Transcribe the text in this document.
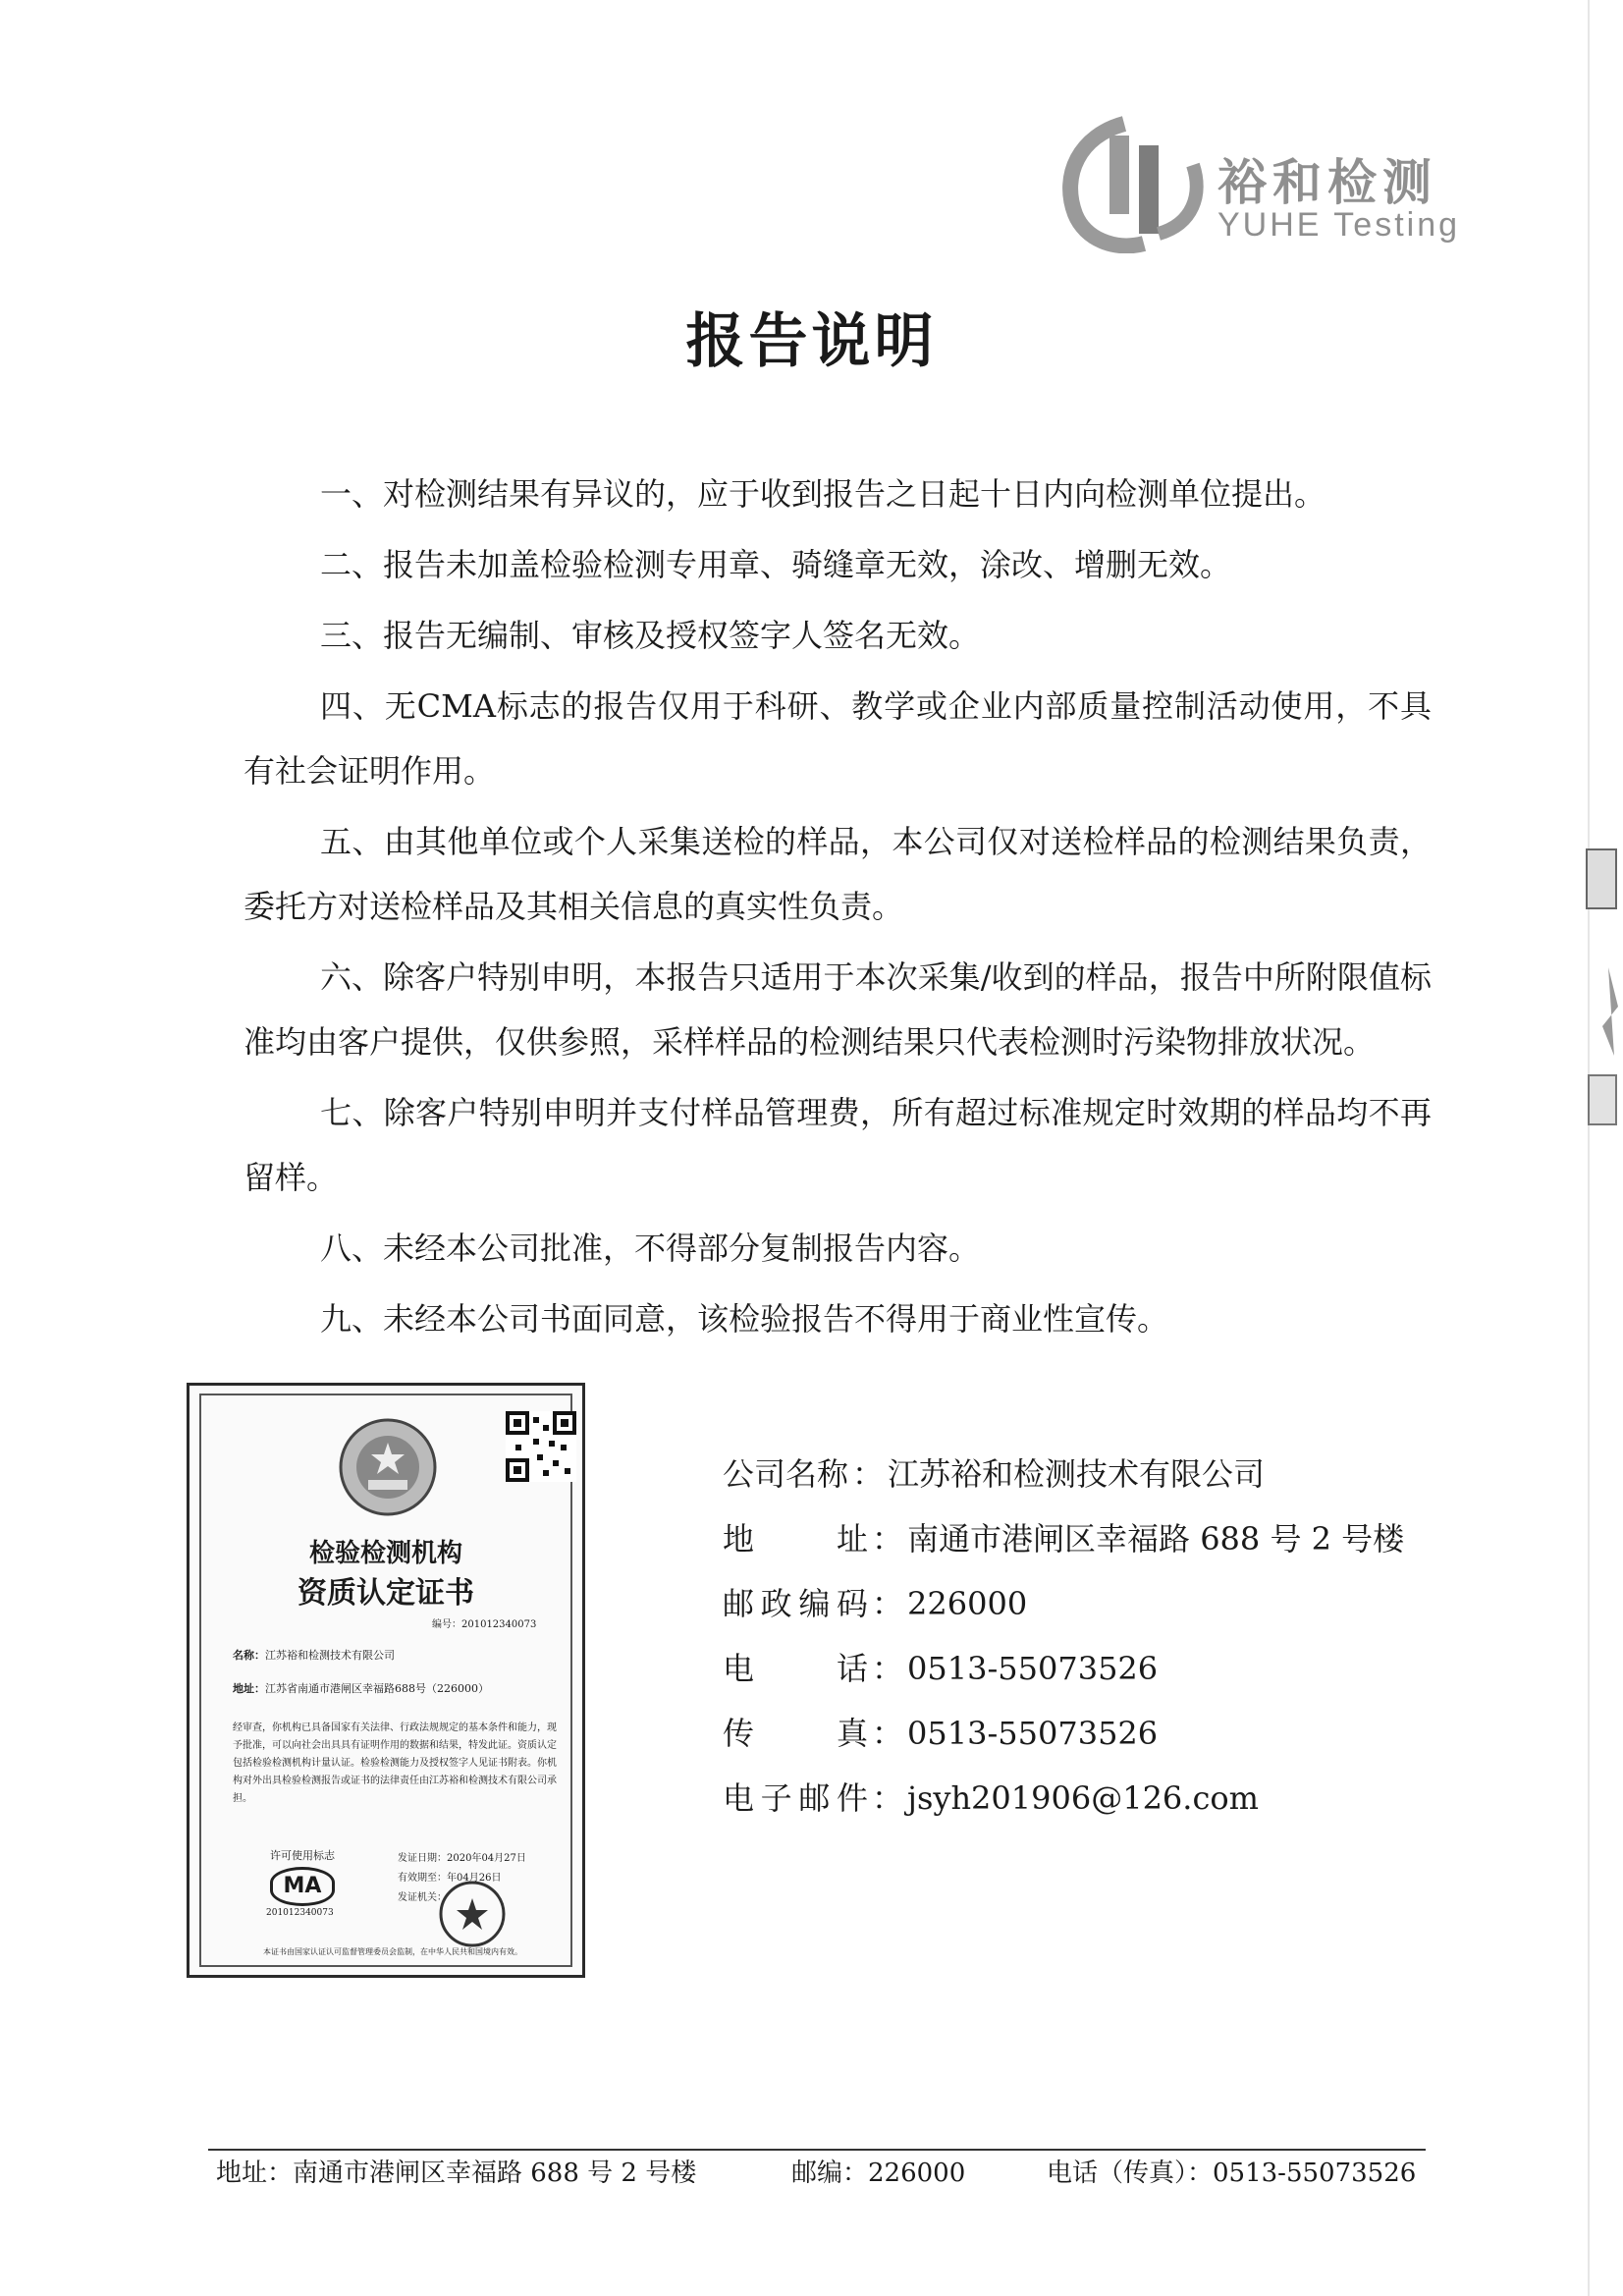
裕和检测
YUHE Testing
报告说明

一、对检测结果有异议的，应于收到报告之日起十日内向检测单位提出。

二、报告未加盖检验检测专用章、骑缝章无效，涂改、增删无效。

三、报告无编制、审核及授权签字人签名无效。

四、无CMA标志的报告仅用于科研、教学或企业内部质量控制活动使用，不具有社会证明作用。

五、由其他单位或个人采集送检的样品，本公司仅对送检样品的检测结果负责，委托方对送检样品及其相关信息的真实性负责。

六、除客户特别申明，本报告只适用于本次采集/收到的样品，报告中所附限值标准均由客户提供，仅供参照，采样样品的检测结果只代表检测时污染物排放状况。

七、除客户特别申明并支付样品管理费，所有超过标准规定时效期的样品均不再留样。

八、未经本公司批准，不得部分复制报告内容。

九、未经本公司书面同意，该检验报告不得用于商业性宣传。

检验检测机构
资质认定证书
编号：201012340073
名称：江苏裕和检测技术有限公司
地址：江苏省南通市港闸区幸福路688号（226000）
经审查，你机构已具备国家有关法律、行政法规规定的基本条件和能力，现予批准，可以向社会出具具有证明作用的数据和结果，特发此证。资质认定包括检验检测机构计量认证。检验检测能力及授权签字人见证书附表。你机构对外出具检验检测报告或证书的法律责任由江苏裕和检测技术有限公司承担。
许可使用标志
MA
201012340073
发证日期：2020年04月27日
有效期至：年04月26日
发证机关：
本证书由国家认证认可监督管理委员会监制，在中华人民共和国境内有效。
公司名称 ： 江苏裕和检测技术有限公司
地址 ： 南通市港闸区幸福路 688 号 2 号楼
邮政编码 ： 226000
电话 ： 0513-55073526
传真 ： 0513-55073526
电子邮件 ： jsyh201906@126.com
地址：南通市港闸区幸福路 688 号 2 号楼	邮编：226000	电话（传真）：0513-55073526
